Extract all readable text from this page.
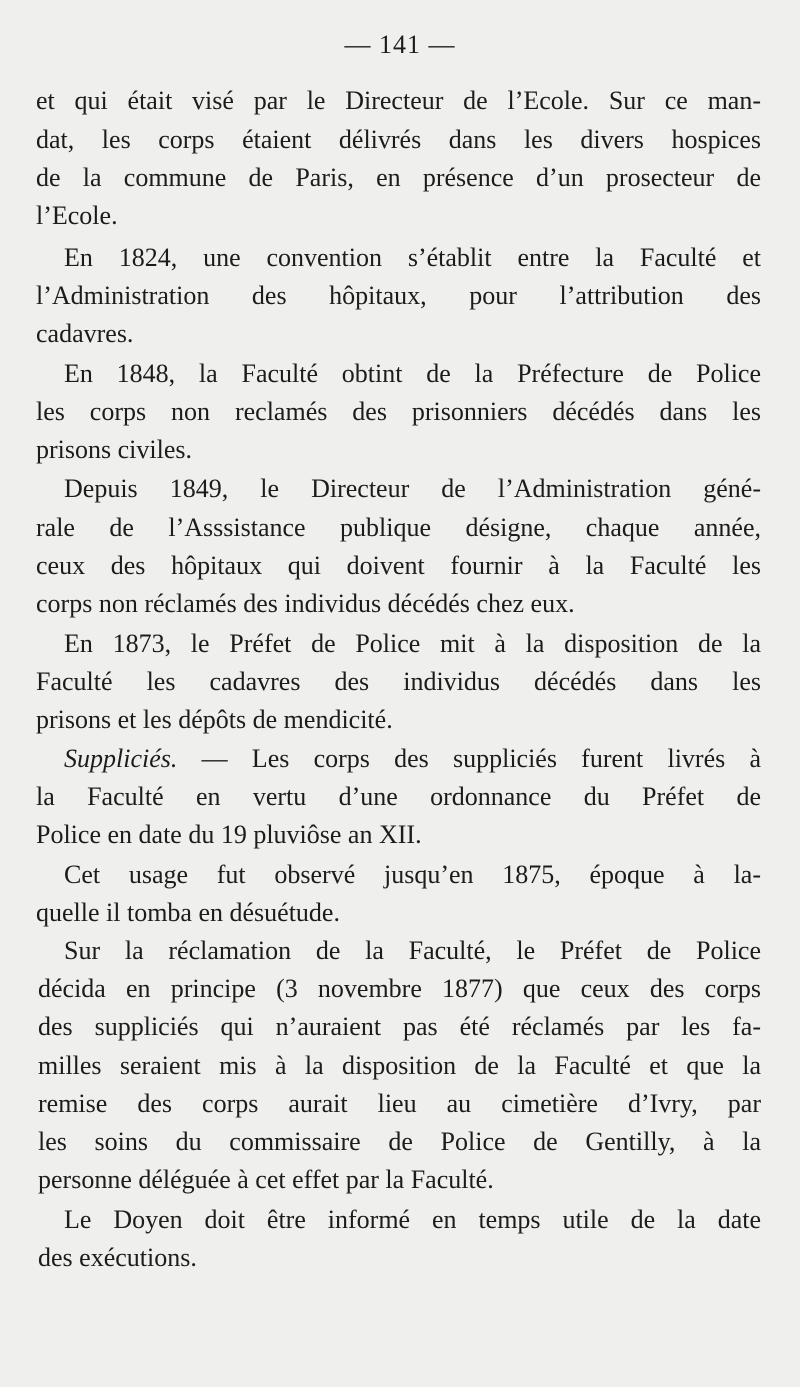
— 141 —
et qui était visé par le Directeur de l’Ecole. Sur ce man-
dat, les corps étaient délivrés dans les divers hospices
de la commune de Paris, en présence d’un prosecteur de
l’Ecole.
En 1824, une convention s’établit entre la Faculté et
l’Administration des hôpitaux, pour l’attribution des
cadavres.
En 1848, la Faculté obtint de la Préfecture de Police
les corps non reclamés des prisonniers décédés dans les
prisons civiles.
Depuis 1849, le Directeur de l’Administration géné-
rale de l’Asssistance publique désigne, chaque année,
ceux des hôpitaux qui doivent fournir à la Faculté les
corps non réclamés des individus décédés chez eux.
En 1873, le Préfet de Police mit à la disposition de la
Faculté les cadavres des individus décédés dans les
prisons et les dépôts de mendicité.
Suppliciés. — Les corps des suppliciés furent livrés à
la Faculté en vertu d’une ordonnance du Préfet de
Police en date du 19 pluviôse an XII.
Cet usage fut observé jusqu’en 1875, époque à la-
quelle il tomba en désuétude.
Sur la réclamation de la Faculté, le Préfet de Police
décida en principe (3 novembre 1877) que ceux des corps
des suppliciés qui n’auraient pas été réclamés par les fa-
milles seraient mis à la disposition de la Faculté et que la
remise des corps aurait lieu au cimetière d’Ivry, par
les soins du commissaire de Police de Gentilly, à la
personne déléguée à cet effet par la Faculté.
Le Doyen doit être informé en temps utile de la date
des exécutions.
